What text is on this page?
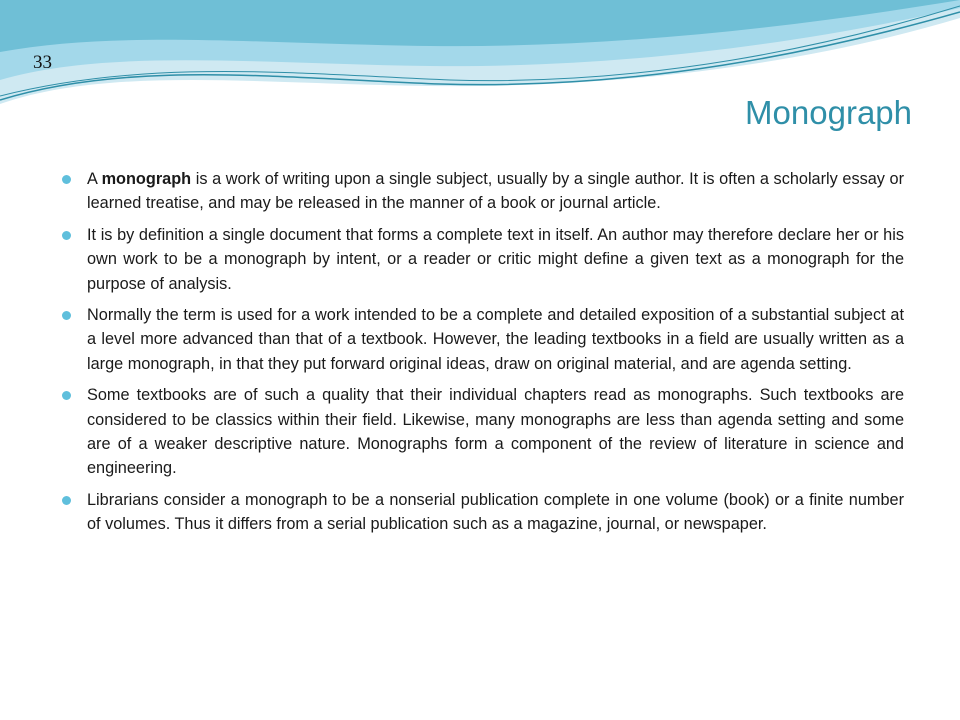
33
Monograph
A monograph is a work of writing upon a single subject, usually by a single author. It is often a scholarly essay or learned treatise, and may be released in the manner of a book or journal article.
It is by definition a single document that forms a complete text in itself. An author may therefore declare her or his own work to be a monograph by intent, or a reader or critic might define a given text as a monograph for the purpose of analysis.
Normally the term is used for a work intended to be a complete and detailed exposition of a substantial subject at a level more advanced than that of a textbook. However, the leading textbooks in a field are usually written as a large monograph, in that they put forward original ideas, draw on original material, and are agenda setting.
Some textbooks are of such a quality that their individual chapters read as monographs. Such textbooks are considered to be classics within their field. Likewise, many monographs are less than agenda setting and some are of a weaker descriptive nature. Monographs form a component of the review of literature in science and engineering.
Librarians consider a monograph to be a nonserial publication complete in one volume (book) or a finite number of volumes. Thus it differs from a serial publication such as a magazine, journal, or newspaper.
